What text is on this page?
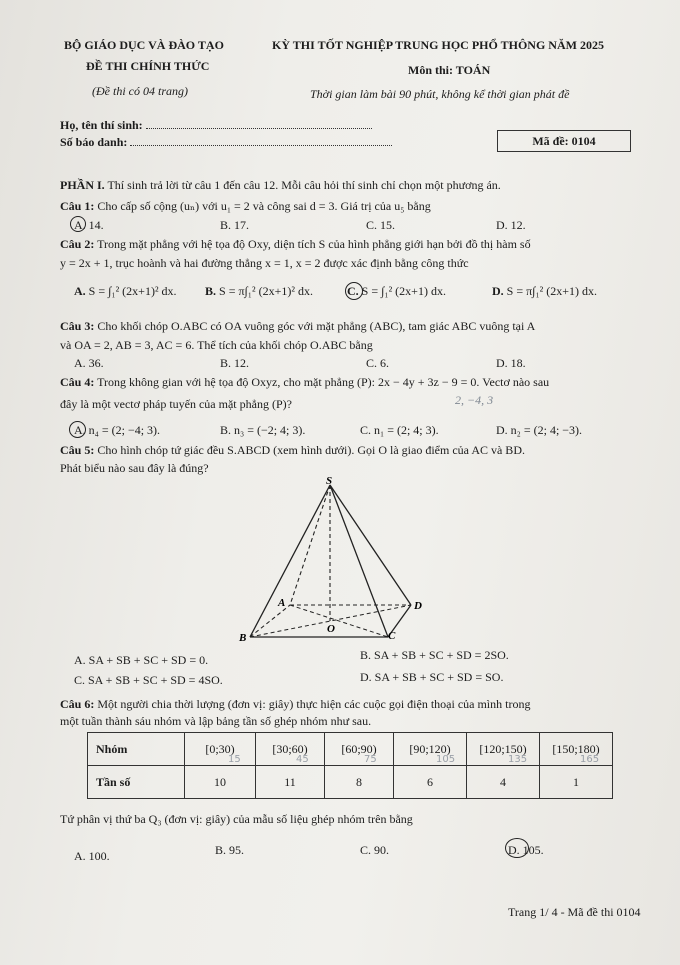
BỘ GIÁO DỤC VÀ ĐÀO TẠO	KỲ THI TỐT NGHIỆP TRUNG HỌC PHỔ THÔNG NĂM 2025
ĐỀ THI CHÍNH THỨC	Môn thi: TOÁN
(Đề thi có 04 trang)	Thời gian làm bài 90 phút, không kể thời gian phát đề
Họ, tên thí sinh:
Số báo danh:	Mã đề: 0104
PHẦN I. Thí sinh trả lời từ câu 1 đến câu 12. Mỗi câu hỏi thí sinh chỉ chọn một phương án.
Câu 1: Cho cấp số cộng (uₙ) với u₁ = 2 và công sai d = 3. Giá trị của u₅ bằng
A. 14.	B. 17.	C. 15.	D. 12.
Câu 2: Trong mặt phẳng với hệ tọa độ Oxy, diện tích S của hình phẳng giới hạn bởi đồ thị hàm số
y = 2x + 1, trục hoành và hai đường thẳng x = 1, x = 2 được xác định bằng công thức
A. S = ∫₁² (2x+1)² dx. B. S = π∫₁² (2x+1)² dx.	C. S = ∫₁² (2x+1) dx.	D. S = π∫₁² (2x+1) dx.
Câu 3: Cho khối chóp O.ABC có OA vuông góc với mặt phẳng (ABC), tam giác ABC vuông tại A
và OA = 2, AB = 3, AC = 6. Thể tích của khối chóp O.ABC bằng
A. 36.	B. 12.	C. 6.	D. 18.
Câu 4: Trong không gian với hệ tọa độ Oxyz, cho mặt phẳng (P): 2x − 4y + 3z − 9 = 0. Vectơ nào sau
đây là một vectơ pháp tuyến của mặt phẳng (P)?	2, −4, 3
A. n₄ = (2; −4; 3).	B. n₃ = (−2; 4; 3).	C. n₁ = (2; 4; 3).	D. n₂ = (2; 4; −3).
Câu 5: Cho hình chóp tứ giác đều S.ABCD (xem hình dưới). Gọi O là giao điểm của AC và BD.
Phát biểu nào sau đây là đúng?
S
A
B	C
D
O
A. SA + SB + SC + SD = 0.	B. SA + SB + SC + SD = 2SO.
C. SA + SB + SC + SD = 4SO.	D. SA + SB + SC + SD = SO.
Câu 6: Một người chia thời lượng (đơn vị: giây) thực hiện các cuộc gọi điện thoại của mình trong
một tuần thành sáu nhóm và lập bảng tần số ghép nhóm như sau.
Nhóm	[0;30)	[30;60)	[60;90)	[90;120)	[120;150)	[150;180)
Tần số	10	11	8	6	4	1
15	45	75	105	135	165
Tứ phân vị thứ ba Q₃ (đơn vị: giây) của mẫu số liệu ghép nhóm trên bằng
A. 100.	B. 95.	C. 90.	D. 105.
Trang 1/ 4 - Mã đề thi 0104
